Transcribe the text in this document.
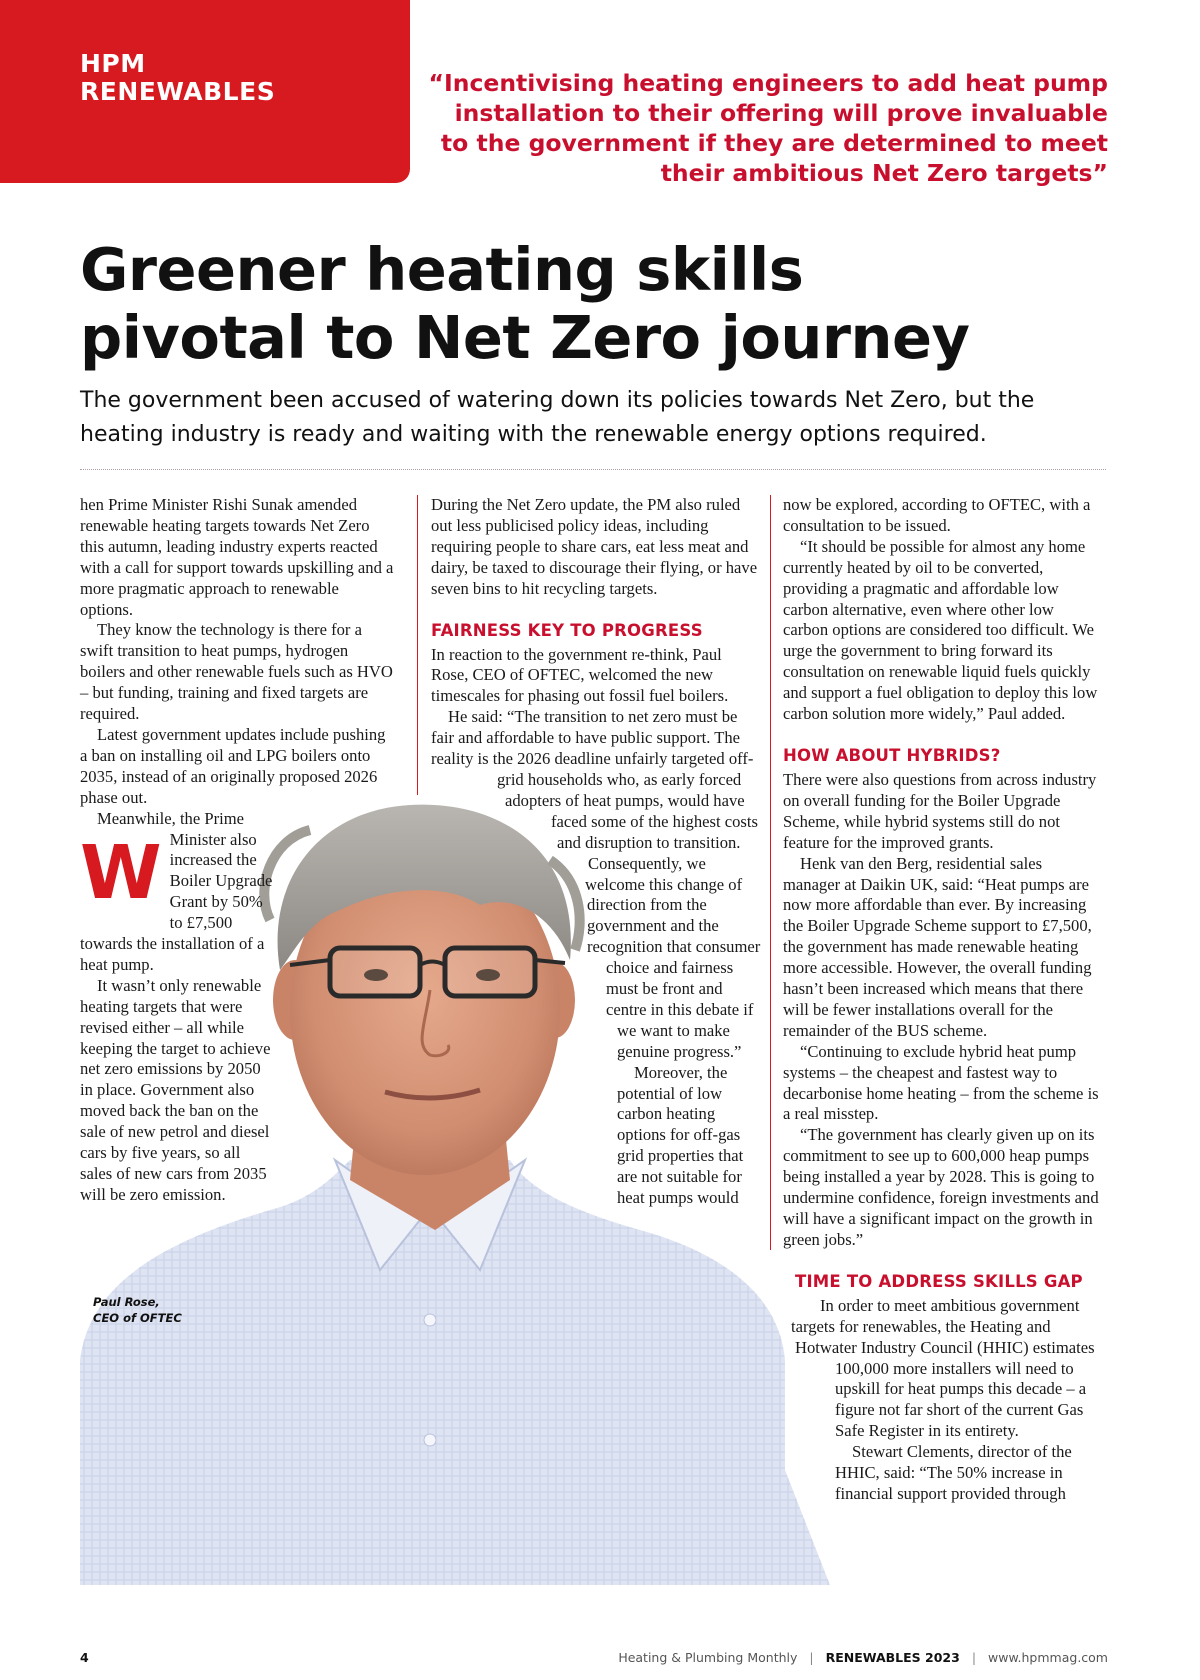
HPM
RENEWABLES	“Incentivising heating engineers to add heat pump installation to their offering will prove invaluable to the government if they are determined to meet their ambitious Net Zero targets”
Greener heating skills
pivotal to Net Zero journey

The government been accused of watering down its policies towards Net Zero, but the heating industry is ready and waiting with the renewable energy options required.

Paul Rose,
CEO of OFTEC
W

hen Prime Minister Rishi Sunak amended renewable heating targets towards Net Zero this autumn, leading industry experts reacted with a call for support towards upskilling and a more pragmatic approach to renewable options.

They know the technology is there for a swift transition to heat pumps, hydrogen boilers and other renewable fuels such as HVO – but funding, training and fixed targets are required.

Latest government updates include pushing a ban on installing oil and LPG boilers onto 2035, instead of an originally proposed 2026 phase out.

Meanwhile, the Prime Minister also increased the Boiler Upgrade Grant by 50% to £7,500 towards the installation of a heat pump.

It wasn’t only renewable heating targets that were revised either – all while keeping the target to achieve net zero emissions by 2050 in place. Government also moved back the ban on the sale of new petrol and diesel cars by five years, so all sales of new cars from 2035 will be zero emission.

During the Net Zero update, the PM also ruled out less publicised policy ideas, including requiring people to share cars, eat less meat and dairy, be taxed to discourage their flying, or have seven bins to hit recycling targets.

FAIRNESS KEY TO PROGRESS

In reaction to the government re-think, Paul Rose, CEO of OFTEC, welcomed the new timescales for phasing out fossil fuel boilers.

He said: “The transition to net zero must be fair and affordable to have public support. The reality is the 2026 deadline unfairly targeted off-grid households who, as early forced adopters of heat pumps, would have faced some of the highest costs and disruption to transition.

Consequently, we welcome this change of direction from the government and the recognition that consumer choice and fairness must be front and centre in this debate if we want to make genuine progress.”

Moreover, the potential of low carbon heating options for off-gas grid properties that are not suitable for heat pumps would

now be explored, according to OFTEC, with a consultation to be issued.

“It should be possible for almost any home currently heated by oil to be converted, providing a pragmatic and affordable low carbon alternative, even where other low carbon options are considered too difficult. We urge the government to bring forward its consultation on renewable liquid fuels quickly and support a fuel obligation to deploy this low carbon solution more widely,” Paul added.

HOW ABOUT HYBRIDS?

There were also questions from across industry on overall funding for the Boiler Upgrade Scheme, while hybrid systems still do not feature for the improved grants.

Henk van den Berg, residential sales manager at Daikin UK, said: “Heat pumps are now more affordable than ever. By increasing the Boiler Upgrade Scheme support to £7,500, the government has made renewable heating more accessible. However, the overall funding hasn’t been increased which means that there will be fewer installations overall for the remainder of the BUS scheme.

“Continuing to exclude hybrid heat pump systems – the cheapest and fastest way to decarbonise home heating – from the scheme is a real misstep.

“The government has clearly given up on its commitment to see up to 600,000 heap pumps being installed a year by 2028. This is going to undermine confidence, foreign investments and will have a significant impact on the growth in green jobs.”

TIME TO ADDRESS SKILLS GAP

In order to meet ambitious government targets for renewables, the Heating and Hotwater Industry Council (HHIC) estimates 100,000 more installers will need to upskill for heat pumps this decade – a figure not far short of the current Gas Safe Register in its entirety.

Stewart Clements, director of the HHIC, said: “The 50% increase in financial support provided through

4	Heating & Plumbing Monthly | RENEWABLES 2023 | www.hpmmag.com
